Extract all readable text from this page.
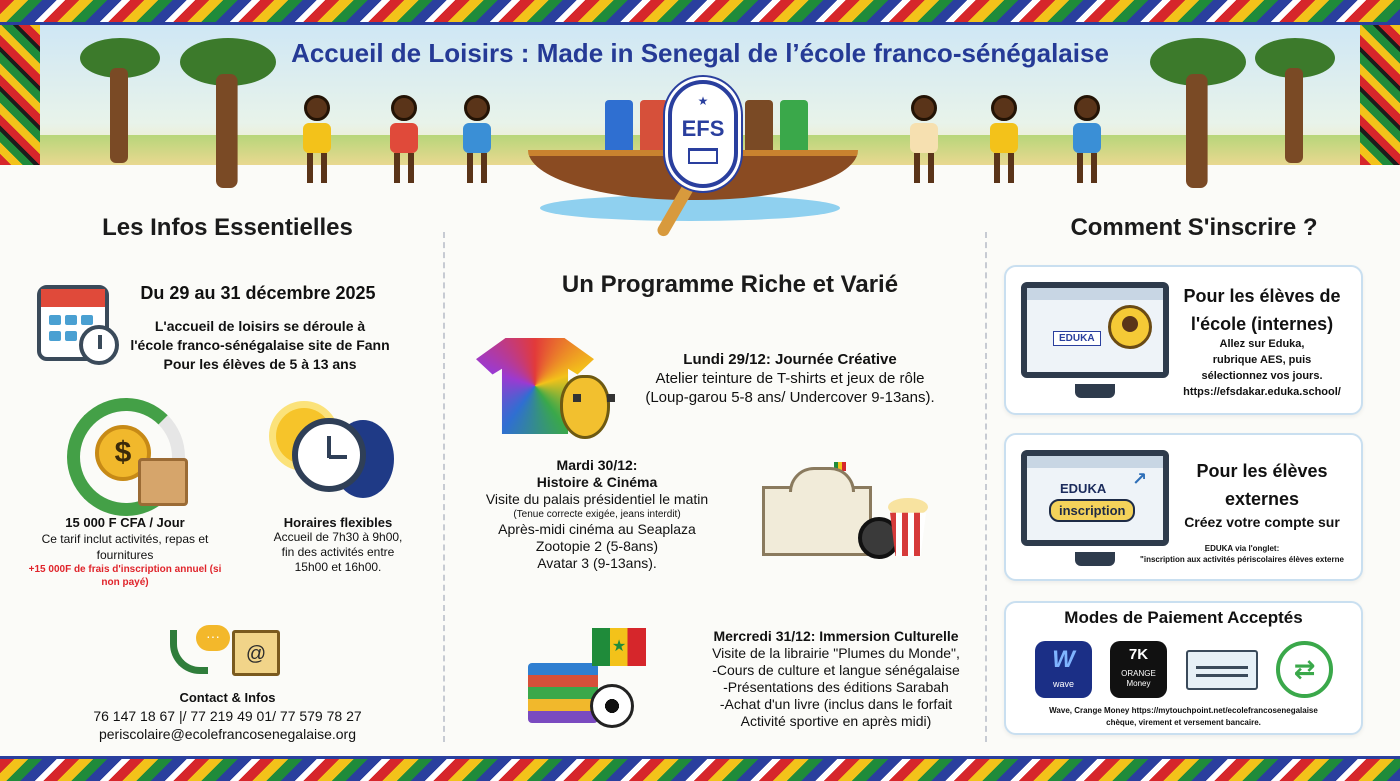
★
EFS
Accueil de Loisirs : Made in Senegal de l’école franco-sénégalaise
Les Infos Essentielles
Du 29 au 31 décembre 2025
L'accueil de loisirs se déroule à
l'école franco-sénégalaise site de Fann
Pour les élèves de 5 à 13 ans
$
15 000 F CFA / Jour
Ce tarif inclut activités, repas et
fournitures
+15 000F de frais d'inscription annuel (si non payé)
Horaires flexibles
Accueil de 7h30 à 9h00,
fin des activités entre
15h00 et 16h00.
···
@
Contact & Infos
76 147 18 67 |/ 77 219 49 01/ 77 579 78 27
periscolaire@ecolefrancosenegalaise.org
Un Programme Riche et Varié
Lundi 29/12: Journée Créative
Atelier teinture de T-shirts et jeux de rôle
(Loup-garou 5-8 ans/ Undercover 9-13ans).
Mardi 30/12:
Histoire & Cinéma
Visite du palais présidentiel le matin
(Tenue correcte exigée, jeans interdit)
Après-midi cinéma au Seaplaza
Zootopie 2 (5-8ans)
Avatar 3 (9-13ans).
★
Mercredi 31/12: Immersion Culturelle
Visite de la librairie "Plumes du Monde",
-Cours de culture et langue sénégalaise
-Présentations des éditions Sarabah
-Achat d'un livre (inclus dans le forfait
Activité sportive en après midi)
Comment S'inscrire ?
EDUKA
Pour les élèves de
l'école (internes)
Allez sur Eduka,
rubrique AES, puis
sélectionnez vos jours.
https://efsdakar.eduka.school/
EDUKA ↗
inscription
Pour les élèves
externes
Créez votre compte sur
EDUKA via l'onglet:
"inscription aux activités périscolaires élèves externe
Modes de Paiement Acceptés
W
wave
7K
ORANGE
Money	⇄
Wave, Crange Money https://mytouchpoint.net/ecolefrancosenegalaise
chèque, virement et versement bancaire.
